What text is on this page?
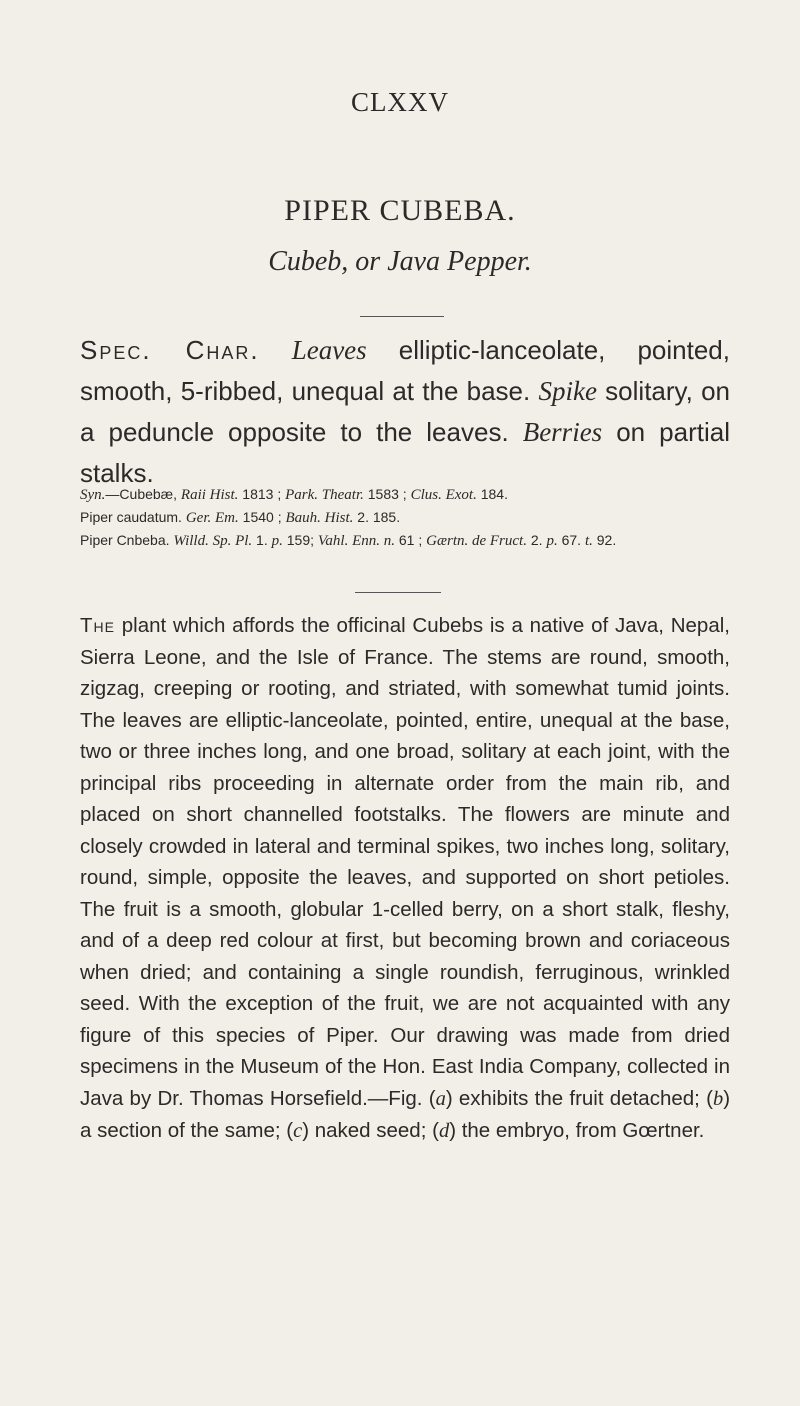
CLXXV
PIPER CUBEBA.
Cubeb, or Java Pepper.
Spec. Char. Leaves elliptic-lanceolate, pointed, smooth, 5-ribbed, unequal at the base. Spike solitary, on a peduncle opposite to the leaves. Berries on partial stalks.
Syn.—Cubebæ, Raii Hist. 1813 ; Park. Theatr. 1583 ; Clus. Exot. 184.
Piper caudatum. Ger. Em. 1540 ; Bauh. Hist. 2. 185.
Piper Cnbeba. Willd. Sp. Pl. 1. p. 159; Vahl. Enn. n. 61 ; Gærtn. de Fruct. 2. p. 67. t. 92.
The plant which affords the officinal Cubebs is a native of Java, Nepal, Sierra Leone, and the Isle of France. The stems are round, smooth, zigzag, creeping or rooting, and striated, with somewhat tumid joints. The leaves are elliptic-lanceolate, pointed, entire, unequal at the base, two or three inches long, and one broad, solitary at each joint, with the principal ribs proceeding in alternate order from the main rib, and placed on short channelled footstalks. The flowers are minute and closely crowded in lateral and terminal spikes, two inches long, solitary, round, simple, opposite the leaves, and supported on short petioles. The fruit is a smooth, globular 1-celled berry, on a short stalk, fleshy, and of a deep red colour at first, but becoming brown and coriaceous when dried; and containing a single roundish, ferruginous, wrinkled seed. With the exception of the fruit, we are not acquainted with any figure of this species of Piper. Our drawing was made from dried specimens in the Museum of the Hon. East India Company, collected in Java by Dr. Thomas Horsefield.—Fig. (a) exhibits the fruit detached; (b) a section of the same; (c) naked seed; (d) the embryo, from Gœrtner.
